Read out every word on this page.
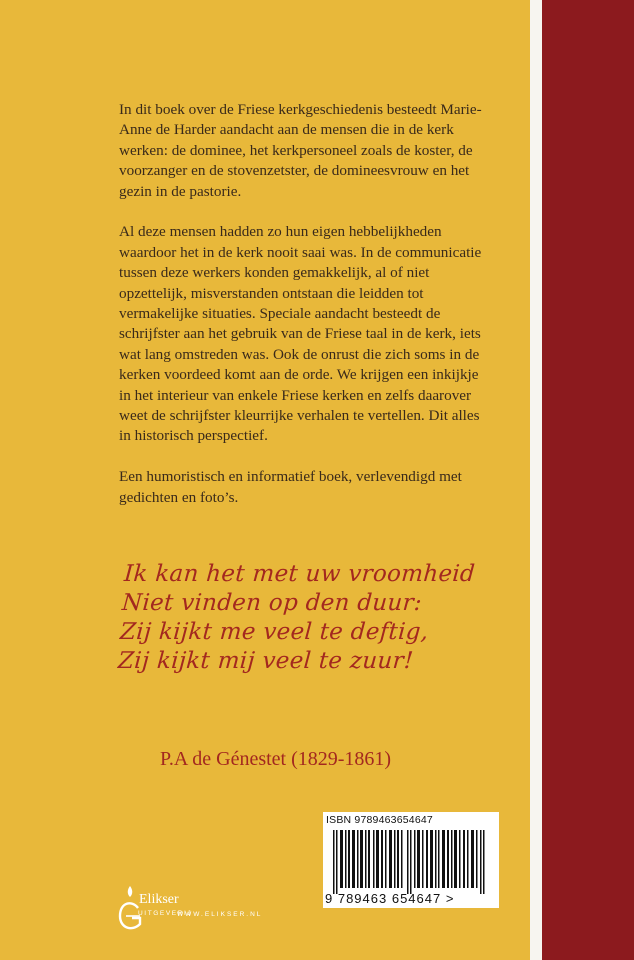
In dit boek over de Friese kerkgeschiedenis besteedt Marie-Anne de Harder aandacht aan de mensen die in de kerk werken: de dominee, het kerkpersoneel zoals de koster, de voorzanger en de stovenzetster, de domineesvrouw en het gezin in de pastorie.

Al deze mensen hadden zo hun eigen hebbelijkheden waardoor het in de kerk nooit saai was. In de communicatie tussen deze werkers konden gemakkelijk, al of niet opzettelijk, misverstanden ontstaan die leidden tot vermakelijke situaties. Speciale aandacht besteedt de schrijfster aan het gebruik van de Friese taal in de kerk, iets wat lang omstreden was. Ook de onrust die zich soms in de kerken voordeed komt aan de orde. We krijgen een inkijkje in het interieur van enkele Friese kerken en zelfs daarover weet de schrijfster kleurrijke verhalen te vertellen. Dit alles in historisch perspectief.

Een humoristisch en informatief boek, verlevendigd met gedichten en foto’s.

Ik kan het met uw vroomheid
Niet vinden op den duur:
Zij kijkt me veel te deftig,
Zij kijkt mij veel te zuur!
P.A de Génestet (1829-1861)
ISBN 9789463654647
9 789463 654647 >
Elikser
UITGEVERIJ
WWW.ELIKSER.NL
